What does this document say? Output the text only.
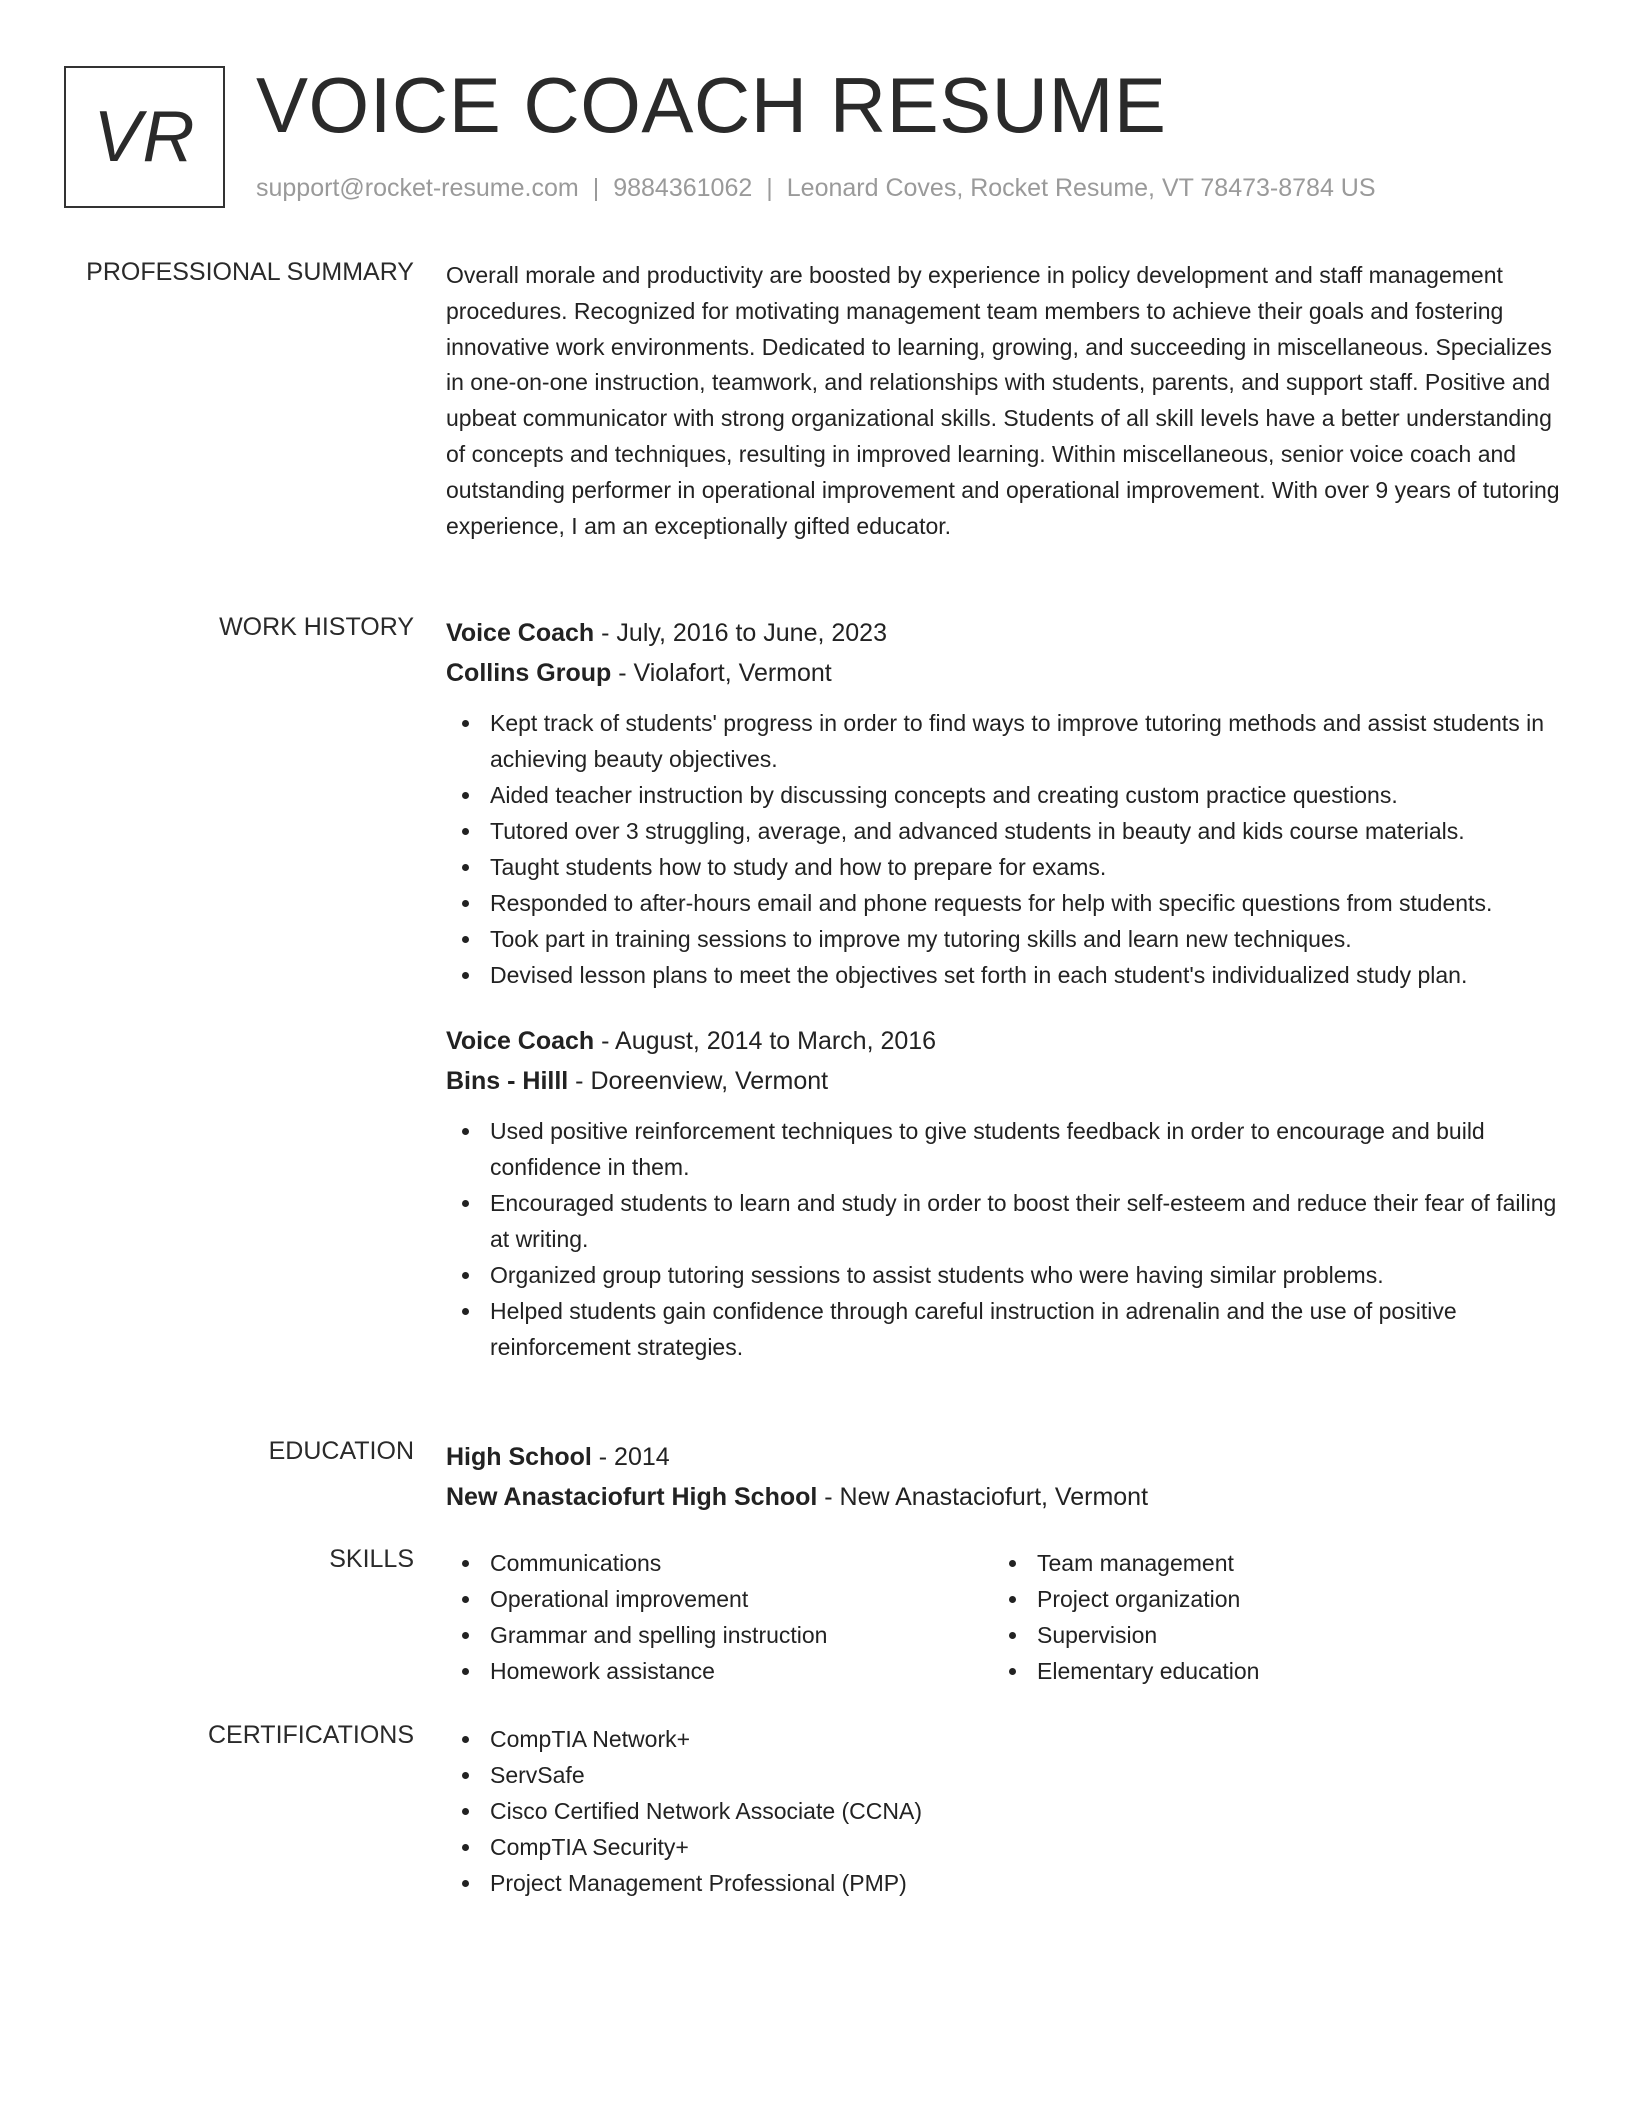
VR VOICE COACH RESUME
support@rocket-resume.com | 9884361062 | Leonard Coves, Rocket Resume, VT 78473-8784 US
PROFESSIONAL SUMMARY Overall morale and productivity are boosted by experience in policy development and staff management procedures. Recognized for motivating management team members to achieve their goals and fostering innovative work environments. Dedicated to learning, growing, and succeeding in miscellaneous. Specializes in one-on-one instruction, teamwork, and relationships with students, parents, and support staff. Positive and upbeat communicator with strong organizational skills. Students of all skill levels have a better understanding of concepts and techniques, resulting in improved learning. Within miscellaneous, senior voice coach and outstanding performer in operational improvement and operational improvement. With over 9 years of tutoring experience, I am an exceptionally gifted educator.
WORK HISTORY Voice Coach - July, 2016 to June, 2023
Collins Group - Violafort, Vermont
Kept track of students' progress in order to find ways to improve tutoring methods and assist students in achieving beauty objectives.
Aided teacher instruction by discussing concepts and creating custom practice questions.
Tutored over 3 struggling, average, and advanced students in beauty and kids course materials.
Taught students how to study and how to prepare for exams.
Responded to after-hours email and phone requests for help with specific questions from students.
Took part in training sessions to improve my tutoring skills and learn new techniques.
Devised lesson plans to meet the objectives set forth in each student's individualized study plan.
Voice Coach - August, 2014 to March, 2016
Bins - Hilll - Doreenview, Vermont
Used positive reinforcement techniques to give students feedback in order to encourage and build confidence in them.
Encouraged students to learn and study in order to boost their self-esteem and reduce their fear of failing at writing.
Organized group tutoring sessions to assist students who were having similar problems.
Helped students gain confidence through careful instruction in adrenalin and the use of positive reinforcement strategies.
EDUCATION High School - 2014
New Anastaciofurt High School - New Anastaciofurt, Vermont
SKILLS	Communications
Operational improvement
Grammar and spelling instruction
Homework assistance
Team management
Project organization
Supervision
Elementary education
CERTIFICATIONS	CompTIA Network+
ServSafe
Cisco Certified Network Associate (CCNA)
CompTIA Security+
Project Management Professional (PMP)
